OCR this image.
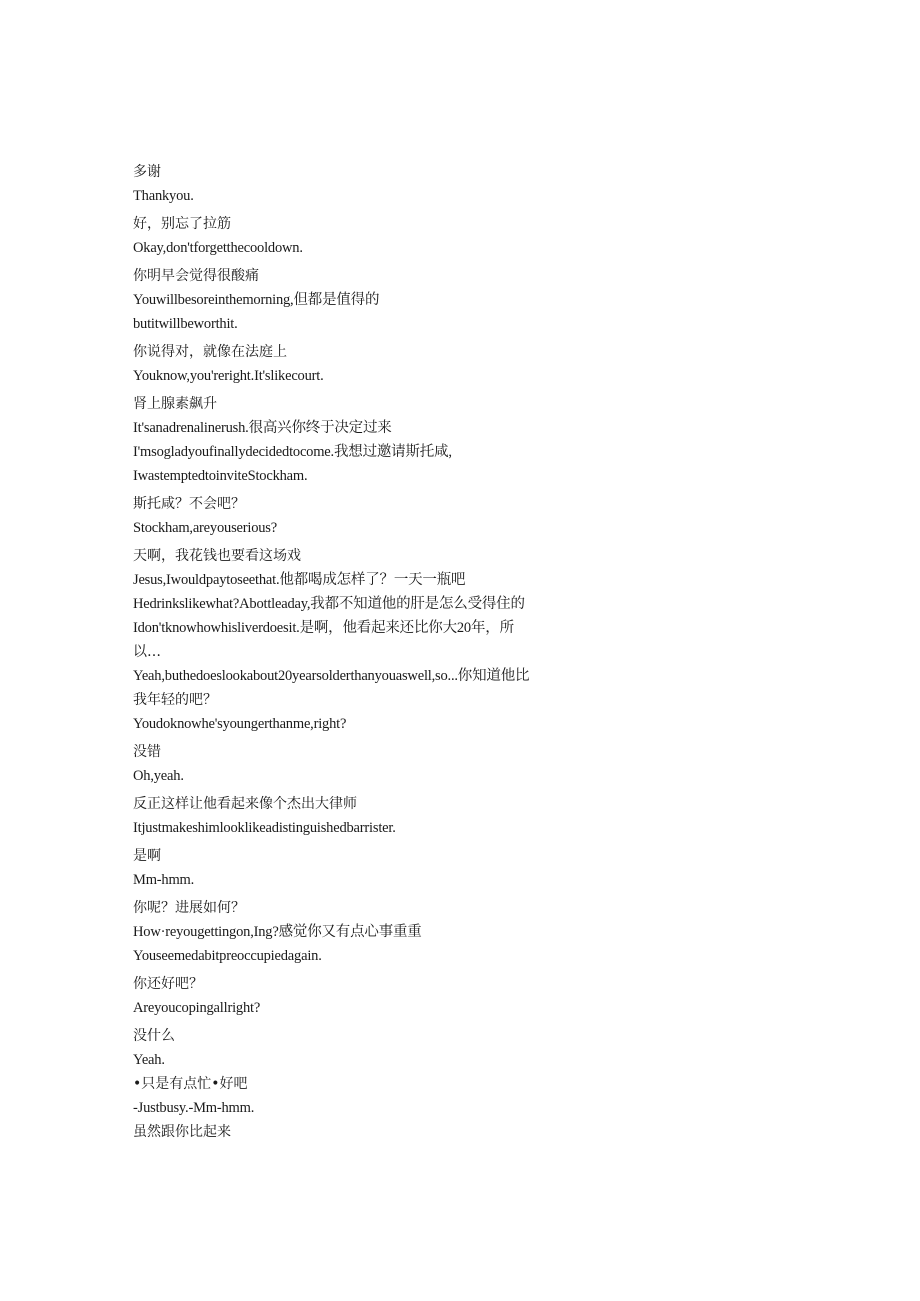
多谢
Thankyou.
好，别忘了拉筋
Okay,don'tforgetthecooldown.
你明早会觉得很酸痛
Youwillbesoreinthemorning,但都是值得的
butitwillbeworthit.
你说得对，就像在法庭上
Youknow,you'reright.It'slikecourt.
肾上腺素飙升
It'sanadrenalinerush.很高兴你终于决定过来
I'msogladyoufinallydecidedtocome.我想过邀请斯托咸,
IwastemptedtoinviteStockham.
斯托咸？不会吧？
Stockham,areyouserious?
天啊，我花钱也要看这场戏
Jesus,Iwouldpaytoseethat.他都喝成怎样了？一天一瓶吧
Hedrinkslikewhat?Abottleaday,我都不知道他的肝是怎么受得住的
Idon'tknowhowhisliverdoesit.是啊，他看起来还比你大20年，所
以…
Yeah,buthedoeslookabout20yearsolderthanyouaswell,so...你知道他比
我年轻的吧？
Youdoknowhe'syoungerthanme,right?
没错
Oh,yeah.
反正这样让他看起来像个杰出大律师
Itjustmakeshimlooklikeadistinguishedbarrister.
是啊
Mm-hmm.
你呢？进展如何？
How·reyougettingon,Ing?感觉你又有点心事重重
Youseemedabitpreoccupiedagain.
你还好吧？
Areyoucopingallright?
没什么
Yeah.
•只是有点忙•好吧
-Justbusy.-Mm-hmm.
虽然跟你比起来
